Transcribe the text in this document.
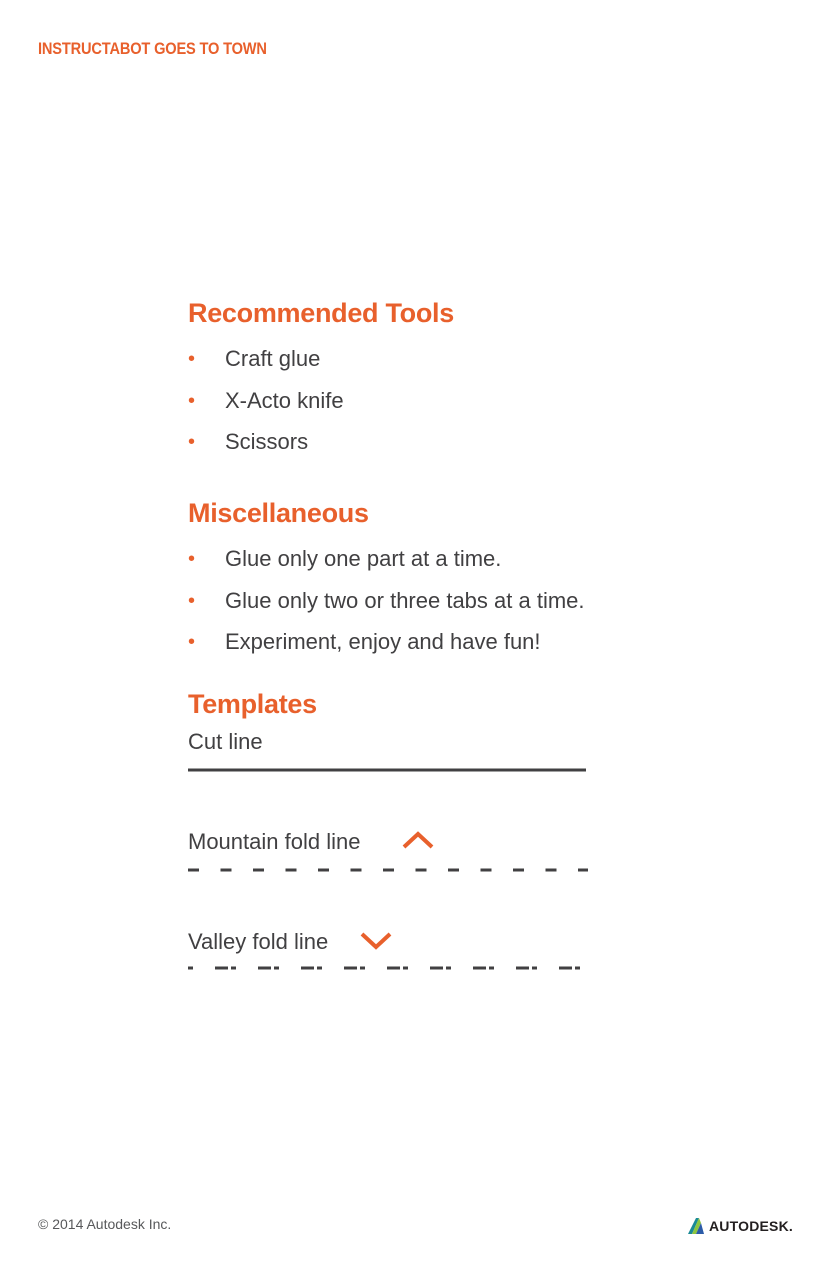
INSTRUCTABOT GOES TO TOWN
Recommended Tools
• Craft glue
• X-Acto knife
• Scissors
Miscellaneous
• Glue only one part at a time.
• Glue only two or three tabs at a time.
• Experiment, enjoy and have fun!
Templates
Cut line
Mountain fold line
Valley fold line
© 2014 Autodesk Inc.	AUTODESK.
